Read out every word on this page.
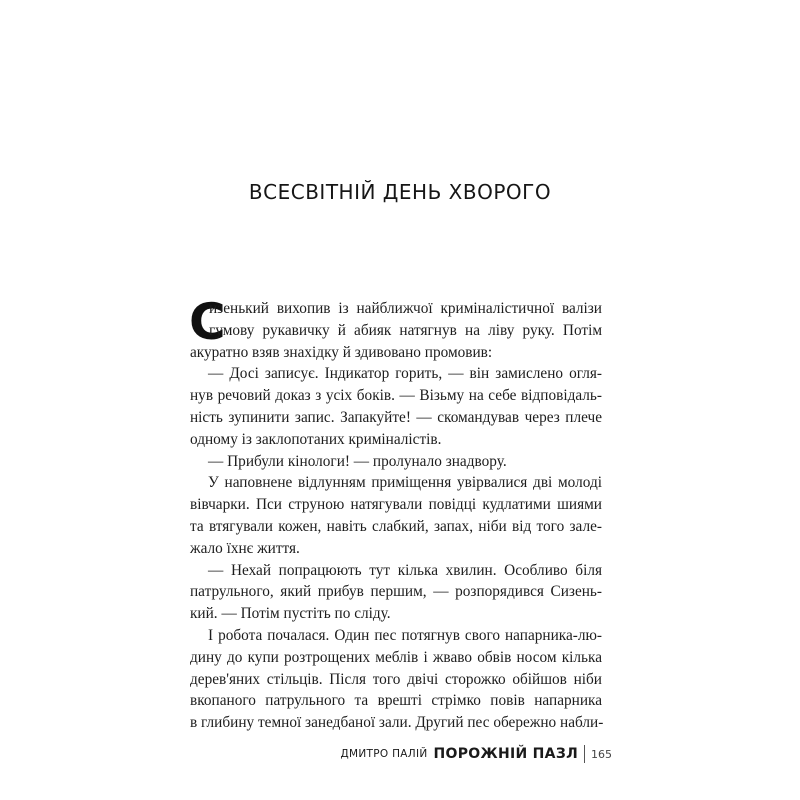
ВСЕСВІТНІЙ ДЕНЬ ХВОРОГО
С
изенький вихопив із найближчої криміналістичної валізи
гумову рукавичку й абияк натягнув на ліву руку. Потім
акуратно взяв знахідку й здивовано промовив:
— Досі записує. Індикатор горить, — він замислено огля-
нув речовий доказ з усіх боків. — Візьму на себе відповідаль-
ність зупинити запис. Запакуйте! — скомандував через плече
одному із заклопотаних криміналістів.
— Прибули кінологи! — пролунало знадвору.
У наповнене відлунням приміщення увірвалися дві молоді
вівчарки. Пси струною натягували повідці кудлатими шиями
та втягували кожен, навіть слабкий, запах, ніби від того зале-
жало їхнє життя.
— Нехай попрацюють тут кілька хвилин. Особливо біля
патрульного, який прибув першим, — розпорядився Сизень-
кий. — Потім пустіть по сліду.
І робота почалася. Один пес потягнув свого напарника-лю-
дину до купи розтрощених меблів і жваво обвів носом кілька
дерев'яних стільців. Після того двічі сторожко обійшов ніби
вкопаного патрульного та врешті стрімко повів напарника
в глибину темної занедбаної зали. Другий пес обережно набли-
ДМИТРО ПАЛІЙ ПОРОЖНІЙ ПАЗЛ 165
